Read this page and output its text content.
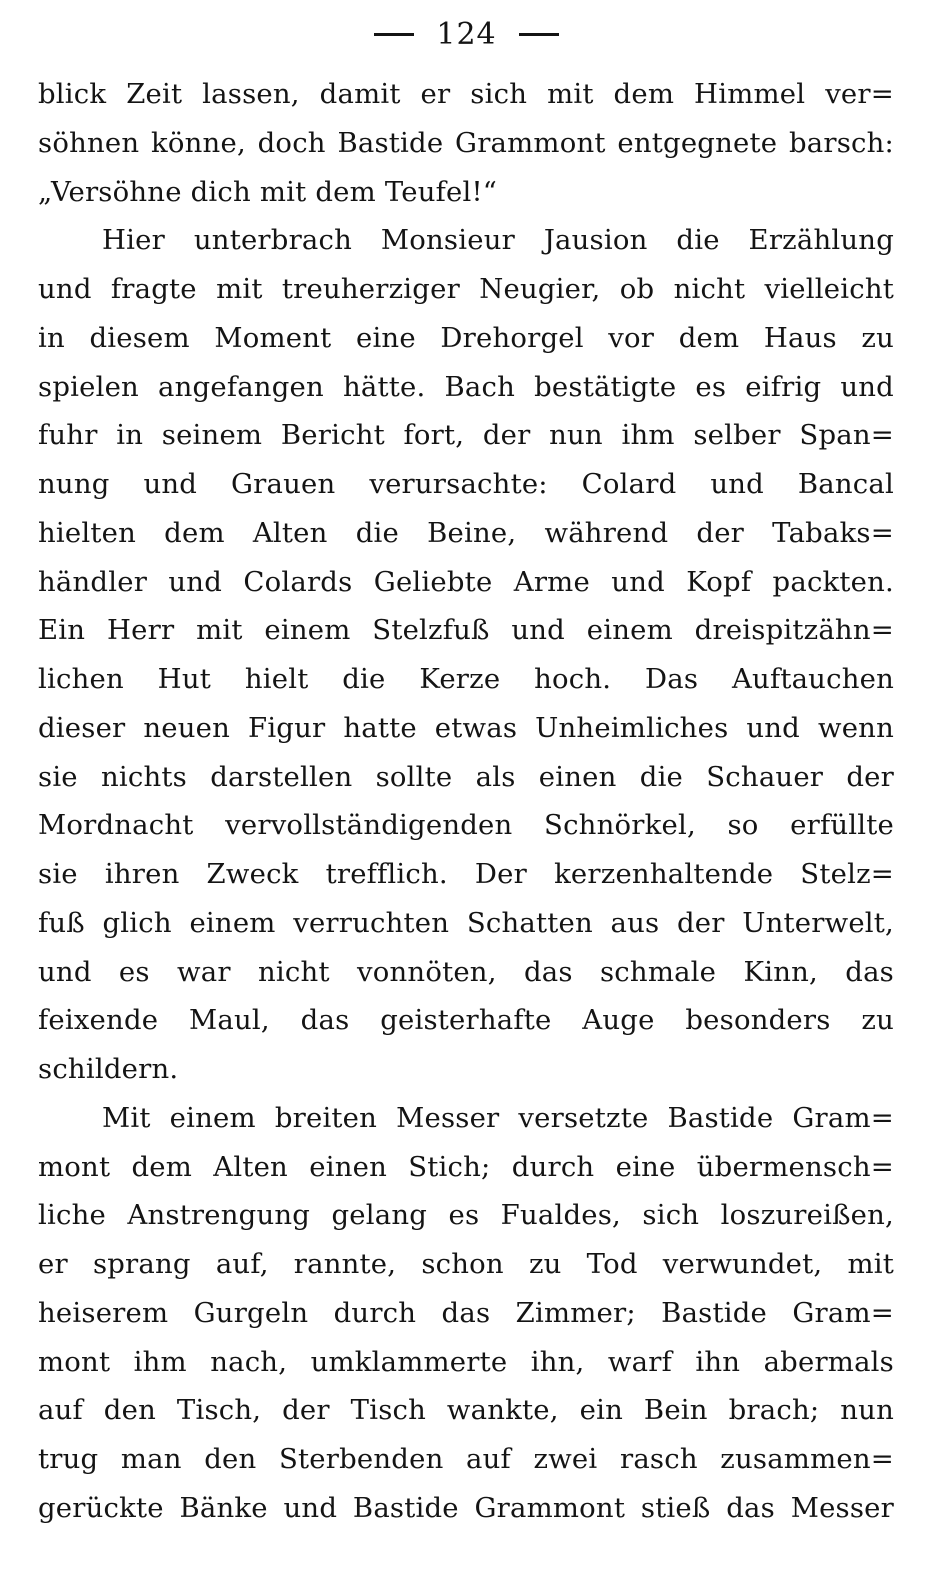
124
blick Zeit lassen, damit er sich mit dem Himmel ver=
söhnen könne, doch Bastide Grammont entgegnete barsch:
„Versöhne dich mit dem Teufel!“
Hier unterbrach Monsieur Jausion die Erzählung
und fragte mit treuherziger Neugier, ob nicht vielleicht
in diesem Moment eine Drehorgel vor dem Haus zu
spielen angefangen hätte. Bach bestätigte es eifrig und
fuhr in seinem Bericht fort, der nun ihm selber Span=
nung und Grauen verursachte: Colard und Bancal
hielten dem Alten die Beine, während der Tabaks=
händler und Colards Geliebte Arme und Kopf packten.
Ein Herr mit einem Stelzfuß und einem dreispitzähn=
lichen Hut hielt die Kerze hoch. Das Auftauchen
dieser neuen Figur hatte etwas Unheimliches und wenn
sie nichts darstellen sollte als einen die Schauer der
Mordnacht vervollständigenden Schnörkel, so erfüllte
sie ihren Zweck trefflich. Der kerzenhaltende Stelz=
fuß glich einem verruchten Schatten aus der Unterwelt,
und es war nicht vonnöten, das schmale Kinn, das
feixende Maul, das geisterhafte Auge besonders zu
schildern.
Mit einem breiten Messer versetzte Bastide Gram=
mont dem Alten einen Stich; durch eine übermensch=
liche Anstrengung gelang es Fualdes, sich loszureißen,
er sprang auf, rannte, schon zu Tod verwundet, mit
heiserem Gurgeln durch das Zimmer; Bastide Gram=
mont ihm nach, umklammerte ihn, warf ihn abermals
auf den Tisch, der Tisch wankte, ein Bein brach; nun
trug man den Sterbenden auf zwei rasch zusammen=
gerückte Bänke und Bastide Grammont stieß das Messer
